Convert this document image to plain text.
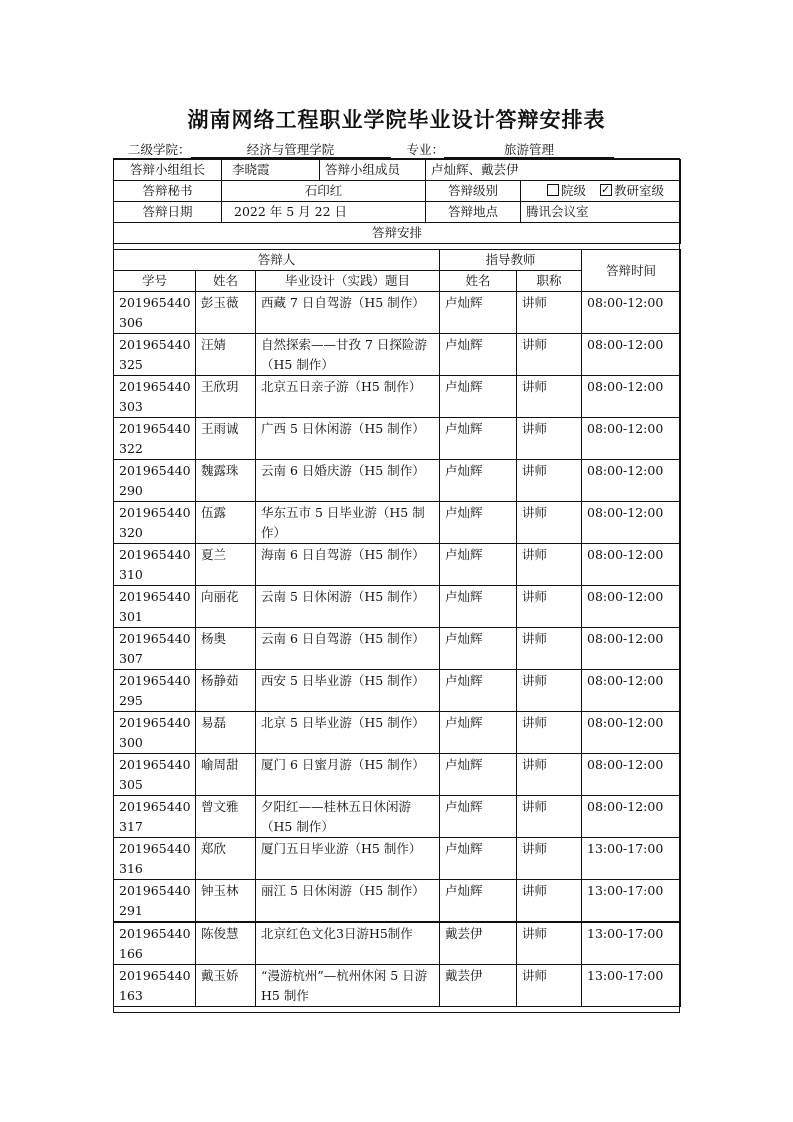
湖南网络工程职业学院毕业设计答辩安排表
二级学院：	经济与管理学院	专业：	旅游管理
答辩小组组长	李晓霞	答辩小组成员	卢灿辉、戴芸伊	
答辩秘书	石印红		答辩级别	院级 ✓ 教研室级
答辩日期	2022 年 5 月 22 日		答辩地点	腾讯会议室
答辩安排				
答辩人			指导教师		答辩时间
学号	姓名	毕业设计（实践）题目	姓名	职称	

201965440
306	彭玉薇	西藏 7 日自驾游（H5 制作）	卢灿辉	讲师	08:00-12:00

201965440
325	汪婧	自然探索——甘孜 7 日探险游（H5 制作）	卢灿辉	讲师	08:00-12:00

201965440
303	王欣玥	北京五日亲子游（H5 制作）	卢灿辉	讲师	08:00-12:00

201965440
322	王雨诚	广西 5 日休闲游（H5 制作）	卢灿辉	讲师	08:00-12:00

201965440
290	魏露珠	云南 6 日婚庆游（H5 制作）	卢灿辉	讲师	08:00-12:00

201965440
320	伍露	华东五市 5 日毕业游（H5 制作）	卢灿辉	讲师	08:00-12:00

201965440
310	夏兰	海南 6 日自驾游（H5 制作）	卢灿辉	讲师	08:00-12:00

201965440
301	向丽花	云南 5 日休闲游（H5 制作）	卢灿辉	讲师	08:00-12:00

201965440
307	杨奥	云南 6 日自驾游（H5 制作）	卢灿辉	讲师	08:00-12:00

201965440
295	杨静茹	西安 5 日毕业游（H5 制作）	卢灿辉	讲师	08:00-12:00

201965440
300	易磊	北京 5 日毕业游（H5 制作）	卢灿辉	讲师	08:00-12:00

201965440
305	喻周甜	厦门 6 日蜜月游（H5 制作）	卢灿辉	讲师	08:00-12:00

201965440
317	曾文雅	夕阳红——桂林五日休闲游（H5 制作）	卢灿辉	讲师	08:00-12:00

201965440
316	郑欣	厦门五日毕业游（H5 制作）	卢灿辉	讲师	13:00-17:00

201965440
291	钟玉林	丽江 5 日休闲游（H5 制作）	卢灿辉	讲师	13:00-17:00

201965440
166	陈俊慧	北京红色文化3日游H5制作	戴芸伊	讲师	13:00-17:00

201965440
163	戴玉娇	“漫游杭州”—杭州休闲 5 日游 H5 制作	戴芸伊	讲师	13:00-17:00
